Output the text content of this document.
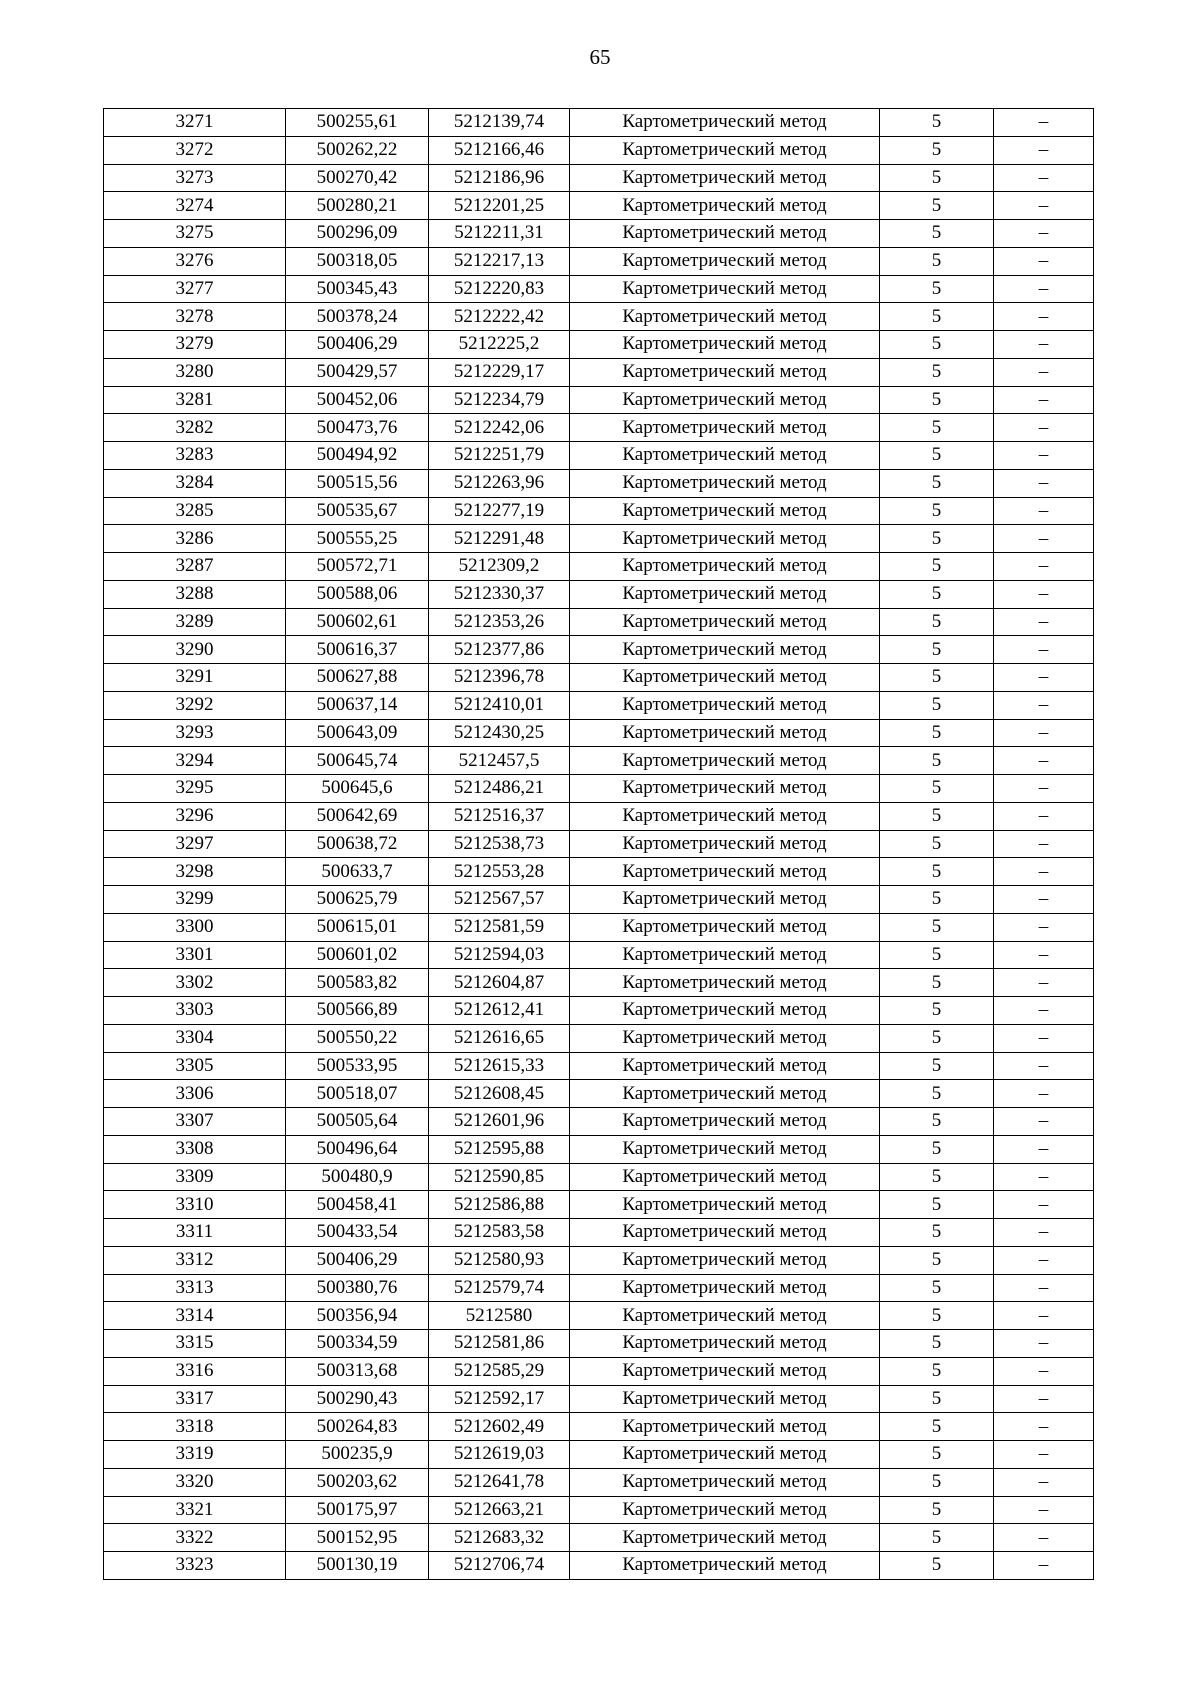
65
3271	500255,61	5212139,74	Картометрический метод	5	–
3272	500262,22	5212166,46	Картометрический метод	5	–
3273	500270,42	5212186,96	Картометрический метод	5	–
3274	500280,21	5212201,25	Картометрический метод	5	–
3275	500296,09	5212211,31	Картометрический метод	5	–
3276	500318,05	5212217,13	Картометрический метод	5	–
3277	500345,43	5212220,83	Картометрический метод	5	–
3278	500378,24	5212222,42	Картометрический метод	5	–
3279	500406,29	5212225,2	Картометрический метод	5	–
3280	500429,57	5212229,17	Картометрический метод	5	–
3281	500452,06	5212234,79	Картометрический метод	5	–
3282	500473,76	5212242,06	Картометрический метод	5	–
3283	500494,92	5212251,79	Картометрический метод	5	–
3284	500515,56	5212263,96	Картометрический метод	5	–
3285	500535,67	5212277,19	Картометрический метод	5	–
3286	500555,25	5212291,48	Картометрический метод	5	–
3287	500572,71	5212309,2	Картометрический метод	5	–
3288	500588,06	5212330,37	Картометрический метод	5	–
3289	500602,61	5212353,26	Картометрический метод	5	–
3290	500616,37	5212377,86	Картометрический метод	5	–
3291	500627,88	5212396,78	Картометрический метод	5	–
3292	500637,14	5212410,01	Картометрический метод	5	–
3293	500643,09	5212430,25	Картометрический метод	5	–
3294	500645,74	5212457,5	Картометрический метод	5	–
3295	500645,6	5212486,21	Картометрический метод	5	–
3296	500642,69	5212516,37	Картометрический метод	5	–
3297	500638,72	5212538,73	Картометрический метод	5	–
3298	500633,7	5212553,28	Картометрический метод	5	–
3299	500625,79	5212567,57	Картометрический метод	5	–
3300	500615,01	5212581,59	Картометрический метод	5	–
3301	500601,02	5212594,03	Картометрический метод	5	–
3302	500583,82	5212604,87	Картометрический метод	5	–
3303	500566,89	5212612,41	Картометрический метод	5	–
3304	500550,22	5212616,65	Картометрический метод	5	–
3305	500533,95	5212615,33	Картометрический метод	5	–
3306	500518,07	5212608,45	Картометрический метод	5	–
3307	500505,64	5212601,96	Картометрический метод	5	–
3308	500496,64	5212595,88	Картометрический метод	5	–
3309	500480,9	5212590,85	Картометрический метод	5	–
3310	500458,41	5212586,88	Картометрический метод	5	–
3311	500433,54	5212583,58	Картометрический метод	5	–
3312	500406,29	5212580,93	Картометрический метод	5	–
3313	500380,76	5212579,74	Картометрический метод	5	–
3314	500356,94	5212580	Картометрический метод	5	–
3315	500334,59	5212581,86	Картометрический метод	5	–
3316	500313,68	5212585,29	Картометрический метод	5	–
3317	500290,43	5212592,17	Картометрический метод	5	–
3318	500264,83	5212602,49	Картометрический метод	5	–
3319	500235,9	5212619,03	Картометрический метод	5	–
3320	500203,62	5212641,78	Картометрический метод	5	–
3321	500175,97	5212663,21	Картометрический метод	5	–
3322	500152,95	5212683,32	Картометрический метод	5	–
3323	500130,19	5212706,74	Картометрический метод	5	–
